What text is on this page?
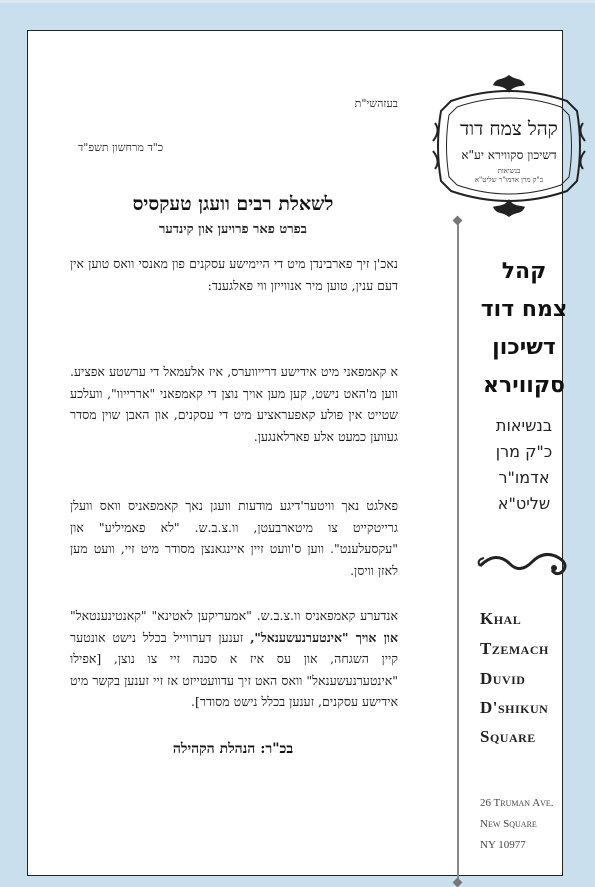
בעזהשי"ת
כ"ד מרחשון תשפ"ד
לשאלת רבים וועגן טעקסיס
בפרט פאר פרויען און קינדער
נאכ'ן זיך פארבינדן מיט די היימישע עסקנים פון מאנסי וואס טוען אין דעם ענין, טוען מיר אנווייזן ווי פאלגענד:
א קאמפאני מיט אידישע דרייווערס, איז אלעמאל די ערשטע אפציע. ווען מ'האט נישט, קען מען אויך נוצן די קאמפאני "אררייוו", וועלכע שטייט אין פולע קאפעראציע מיט די עסקנים, און האבן שוין מסדר געווען כמעט אלע פארלאנגען.
פאלגט נאך וויטער'דיגע מודעות וועגן נאך קאמפאניס וואס וועלן גרייטקייט צו מיטארבעטן, וו.צ.ב.ש. "לא פאמיליע" און "עקסעלענט". ווען ס'וועט זיין איינגאנצן מסודר מיט זיי, וועט מען לאזן וויסן.
אנדערע קאמפאניס וו.צ.ב.ש. "אמעריקען לאטינא" "קאנטינענטאל" און אויך "אינטערנעשענאל", זענען דערווייל בכלל נישט אונטער קיין השגחה, און עס איז א סכנה זיי צו נוצן, [אפילו "אינטערנעשענאל" וואס האט זיך עדוועטייזט אז זיי זענען בקשר מיט אידישע עסקנים, זענען בכלל נישט מסודר].
בכ"ר: הנהלת הקהילה
קהל צמח דוד
דשיכון סקווירא יע"א
בנשיאות
כ"ק מרן אדמו"ר שליט"א
קהל
צמח דוד
דשיכון
סקווירא
בנשיאות
כ"ק מרן
אדמו"ר
שליט"א
Khal
Tzemach
Duvid
D'shikun
Square
26 Truman Ave.
New Square
NY 10977
